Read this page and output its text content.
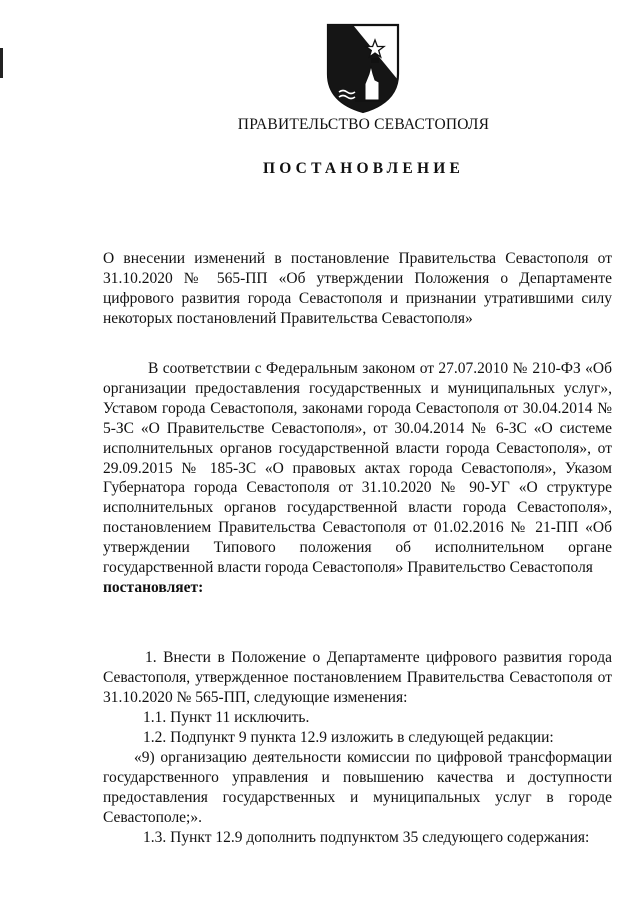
ПРАВИТЕЛЬСТВО СЕВАСТОПОЛЯ
ПОСТАНОВЛЕНИЕ
О внесении изменений в постановление Правительства Севастополя от 31.10.2020 № 565-ПП «Об утверждении Положения о Департаменте цифрового развития города Севастополя и признании утратившими силу некоторых постановлений Правительства Севастополя»
В соответствии с Федеральным законом от 27.07.2010 № 210-ФЗ «Об организации предоставления государственных и муниципальных услуг», Уставом города Севастополя, законами города Севастополя от 30.04.2014 № 5-ЗС «О Правительстве Севастополя», от 30.04.2014 № 6-ЗС «О системе исполнительных органов государственной власти города Севастополя», от 29.09.2015 № 185-ЗС «О правовых актах города Севастополя», Указом Губернатора города Севастополя от 31.10.2020 № 90-УГ «О структуре исполнительных органов государственной власти города Севастополя», постановлением Правительства Севастополя от 01.02.2016 № 21-ПП «Об утверждении Типового положения об исполнительном органе государственной власти города Севастополя» Правительство Севастополя
постановляет:
1. Внести в Положение о Департаменте цифрового развития города Севастополя, утвержденное постановлением Правительства Севастополя от 31.10.2020 № 565-ПП, следующие изменения:
1.1. Пункт 11 исключить.
1.2. Подпункт 9 пункта 12.9 изложить в следующей редакции:
«9) организацию деятельности комиссии по цифровой трансформации государственного управления и повышению качества и доступности предоставления государственных и муниципальных услуг в городе Севастополе;».
1.3. Пункт 12.9 дополнить подпунктом 35 следующего содержания:
